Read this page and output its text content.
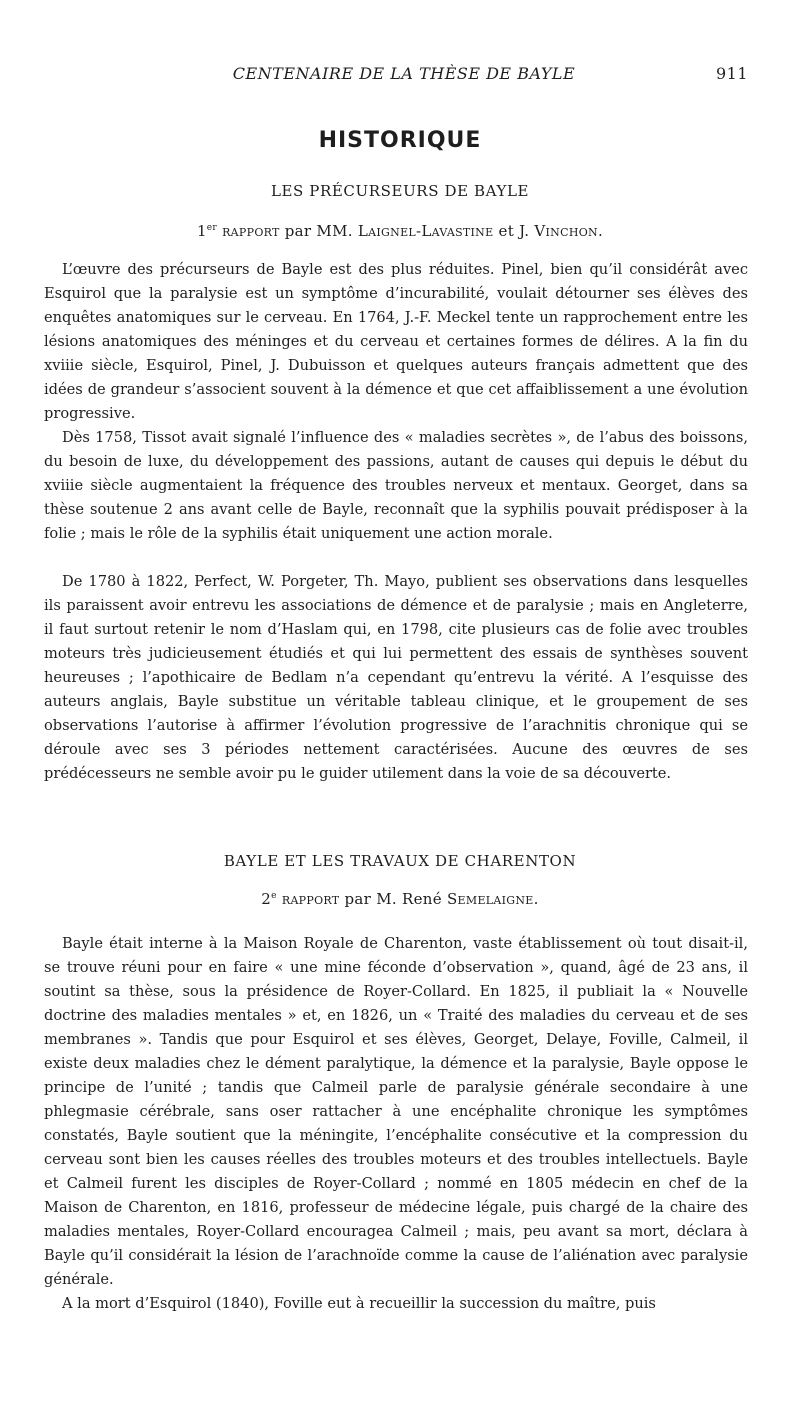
CENTENAIRE DE LA THÈSE DE BAYLE	911
HISTORIQUE
LES PRÉCURSEURS DE BAYLE
1er rapport par MM. Laignel-Lavastine et J. Vinchon.

L’œuvre des précurseurs de Bayle est des plus réduites. Pinel, bien qu’il considérât avec Esquirol que la paralysie est un symptôme d’incurabilité, voulait détourner ses élèves des enquêtes anatomiques sur le cerveau. En 1764, J.-F. Meckel tente un rapprochement entre les lésions anatomiques des méninges et du cerveau et certaines formes de délires. A la fin du xviiie siècle, Esquirol, Pinel, J. Dubuisson et quelques auteurs français admettent que des idées de grandeur s’associent souvent à la démence et que cet affaiblissement a une évolution progressive.

Dès 1758, Tissot avait signalé l’influence des « maladies secrètes », de l’abus des boissons, du besoin de luxe, du développement des passions, autant de causes qui depuis le début du xviiie siècle augmentaient la fréquence des troubles nerveux et mentaux. Georget, dans sa thèse soutenue 2 ans avant celle de Bayle, reconnaît que la syphilis pouvait prédisposer à la folie ; mais le rôle de la syphilis était uniquement une action morale.

De 1780 à 1822, Perfect, W. Porgeter, Th. Mayo, publient ses observations dans lesquelles ils paraissent avoir entrevu les associations de démence et de paralysie ; mais en Angleterre, il faut surtout retenir le nom d’Haslam qui, en 1798, cite plusieurs cas de folie avec troubles moteurs très judicieusement étudiés et qui lui permettent des essais de synthèses souvent heureuses ; l’apothicaire de Bedlam n’a cependant qu’entrevu la vérité. A l’esquisse des auteurs anglais, Bayle substitue un véritable tableau clinique, et le groupement de ses observations l’autorise à affirmer l’évolution progressive de l’arachnitis chronique qui se déroule avec ses 3 périodes nettement caractérisées. Aucune des œuvres de ses prédécesseurs ne semble avoir pu le guider utilement dans la voie de sa découverte.

BAYLE ET LES TRAVAUX DE CHARENTON
2e rapport par M. René Semelaigne.

Bayle était interne à la Maison Royale de Charenton, vaste établissement où tout disait-il, se trouve réuni pour en faire « une mine féconde d’observation », quand, âgé de 23 ans, il soutint sa thèse, sous la présidence de Royer-Collard. En 1825, il publiait la « Nouvelle doctrine des maladies mentales » et, en 1826, un « Traité des maladies du cerveau et de ses membranes ». Tandis que pour Esquirol et ses élèves, Georget, Delaye, Foville, Calmeil, il existe deux maladies chez le dément paralytique, la démence et la paralysie, Bayle oppose le principe de l’unité ; tandis que Calmeil parle de paralysie générale secondaire à une phlegmasie cérébrale, sans oser rattacher à une encéphalite chronique les symptômes constatés, Bayle soutient que la méningite, l’encéphalite consécutive et la compression du cerveau sont bien les causes réelles des troubles moteurs et des troubles intellectuels. Bayle et Calmeil furent les disciples de Royer-Collard ; nommé en 1805 médecin en chef de la Maison de Charenton, en 1816, professeur de médecine légale, puis chargé de la chaire des maladies mentales, Royer-Collard encouragea Calmeil ; mais, peu avant sa mort, déclara à Bayle qu’il considérait la lésion de l’arachnoïde comme la cause de l’aliénation avec paralysie générale.

A la mort d’Esquirol (1840), Foville eut à recueillir la succession du maître, puis
